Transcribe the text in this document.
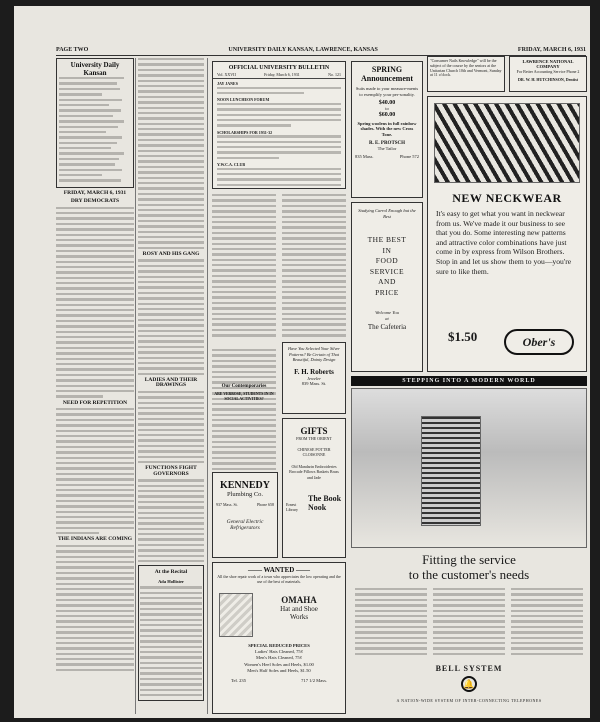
PAGE TWO	UNIVERSITY DAILY KANSAN, LAWRENCE, KANSAS	FRIDAY, MARCH 6, 1931
University Daily Kansan
FRIDAY, MARCH 6, 1931
DRY DEMOCRATS
NEED FOR REPETITION
THE INDIANS ARE COMING
ROSY AND HIS GANG
LADIES AND THEIR DRAWINGS
FUNCTIONS FIGHT GOVERNORS
At the Recital
Ada Hollister
OFFICIAL UNIVERSITY BULLETIN
Vol. XXVII	Friday, March 6, 1931	No. 121
JAY JANES
NOON LUNCHEON FORUM
SCHOLARSHIPS FOR 1931-32
Y.W.C.A. CLUB
SPRING Announcement
Suits made to your measure-ments to exemplify your per-sonality.
$40.00
to
$60.00
Spring woolens in full rainbow shades. With the new Cross Tone.
R. E. PROTSCH
The Tailor
835 Mass.	Phone 572
"Consumer Nails Knowledge" will be the subject of the course by the seniors at the Unitarian Church 10th and Vermont, Sunday at 11 o'clock.
LAWRENCE NATIONAL COMPANY
For Better Accounting Service Phone 2
DR. W. H. HUTCHINSON, Dentist
NEW NECKWEAR
It's easy to get what you want in neckwear from us. We've made it our business to see that you do. Some interesting new patterns and attractive color combinations have just come in by express from Wilson Brothers. Stop in and let us show them to you—you're sure to like them.
$1.50	Ober's
Studying Carrol Enough but the Best
THE BEST
IN
FOOD
SERVICE
AND
PRICE
Welcome You
at
The Cafeteria
Have You Selected Your Silver Patterns? Be Certain of That Beautiful, Dainty Design
F. H. Roberts
Jeweler
839 Mass. St.
Our Contemporaries
ARE VERBOSE, STUDENTS IN IN SOCIAL ACTIVITIES?
GIFTS
FROM THE ORIENT
CHINESE POTTER
CLOISONNE
Old Mandarin Embroideries Brocade Pillows Baskets Brass and Jade
Ernest Library
The Book Nook
KENNEDY
Plumbing Co.
937 Mass. St.	Phone 658
General Electric
Refrigerators
—— WANTED ——
All the shoe repair work of a town who appreciates the low operating and the use of the best of materials.
OMAHA
Hat and Shoe
Works
SPECIAL REDUCED PRICES
Ladies' Hats Cleaned, 75¢
Men's Hats Cleaned, 75¢
Women's Heel Soles and Heels, $1.00
Men's Half Soles and Heels, $1.50
Tel. 235	717 1/2 Mass.
STEPPING INTO A MODERN WORLD
Fitting the service
to the customer's needs
BELL SYSTEM
🔔
A NATION-WIDE SYSTEM OF INTER-CONNECTING TELEPHONES
